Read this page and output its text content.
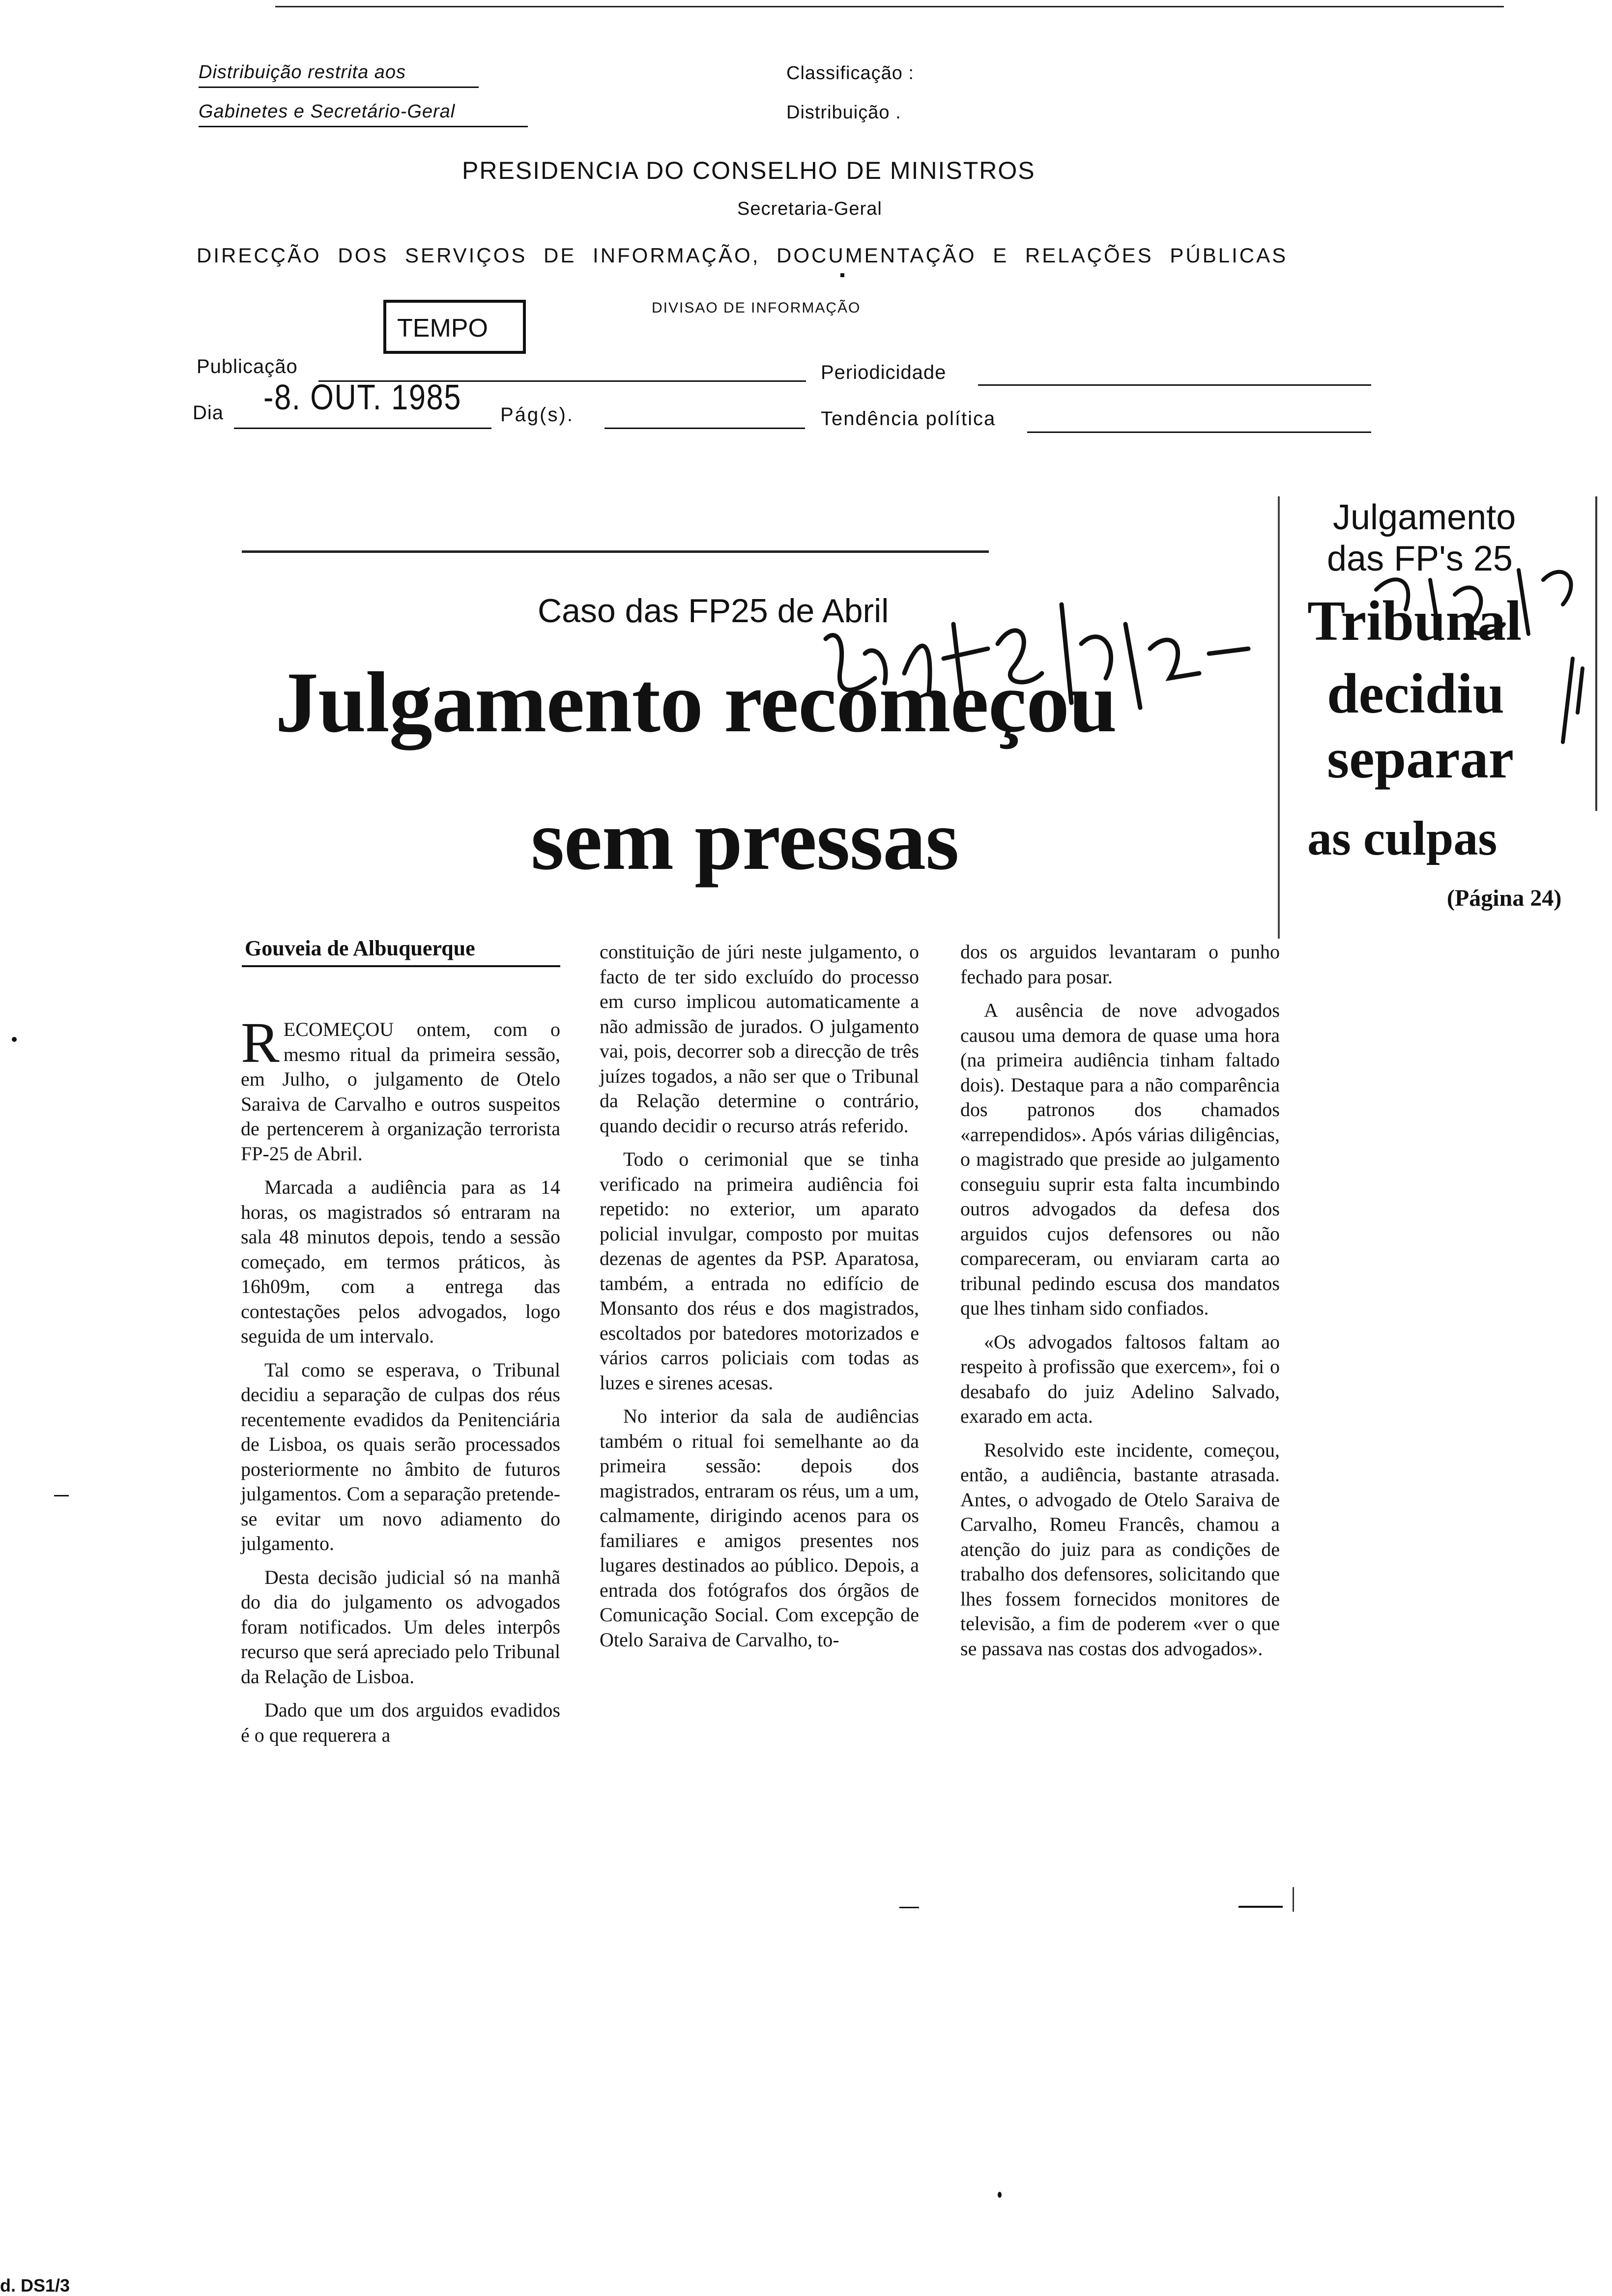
Distribuição restrita aos
Gabinetes e Secretário-Geral
Classificação :
Distribuição .
PRESIDENCIA DO CONSELHO DE MINISTROS
Secretaria-Geral
DIRECÇÃO DOS SERVIÇOS DE INFORMAÇÃO, DOCUMENTAÇÃO E RELAÇÕES PÚBLICAS
DIVISAO DE INFORMAÇÃO
TEMPO
Publicação	Periodicidade
Dia -8. OUT. 1985 Pág(s).	Tendência política
Caso das FP25 de Abril
Julgamento recomeçou
sem pressas
Julgamento
das FP's 25
Tribunal
decidiu
separar
as culpas
(Página 24)
Gouveia de Albuquerque

RECOMEÇOU ontem, com o mesmo ritual da primeira sessão, em Julho, o julgamento de Otelo Saraiva de Carvalho e outros suspeitos de pertencerem à organização terrorista FP-25 de Abril.

Marcada a audiência para as 14 horas, os magistrados só entraram na sala 48 minutos depois, tendo a sessão começado, em termos práticos, às 16h09m, com a entrega das contestações pelos advogados, logo seguida de um intervalo.

Tal como se esperava, o Tribunal decidiu a separação de culpas dos réus recentemente evadidos da Penitenciária de Lisboa, os quais serão processados posteriormente no âmbito de futuros julgamentos. Com a separação pretende-se evitar um novo adiamento do julgamento.

Desta decisão judicial só na manhã do dia do julgamento os advogados foram notificados. Um deles interpôs recurso que será apreciado pelo Tribunal da Relação de Lisboa.

Dado que um dos arguidos evadidos é o que requerera a

constituição de júri neste julgamento, o facto de ter sido excluído do processo em curso implicou automaticamente a não admissão de jurados. O julgamento vai, pois, decorrer sob a direcção de três juízes togados, a não ser que o Tribunal da Relação determine o contrário, quando decidir o recurso atrás referido.

Todo o cerimonial que se tinha verificado na primeira audiência foi repetido: no exterior, um aparato policial invulgar, composto por muitas dezenas de agentes da PSP. Aparatosa, também, a entrada no edifício de Monsanto dos réus e dos magistrados, escoltados por batedores motorizados e vários carros policiais com todas as luzes e sirenes acesas.

No interior da sala de audiências também o ritual foi semelhante ao da primeira sessão: depois dos magistrados, entraram os réus, um a um, calmamente, dirigindo acenos para os familiares e amigos presentes nos lugares destinados ao público. Depois, a entrada dos fotógrafos dos órgãos de Comunicação Social. Com excepção de Otelo Saraiva de Carvalho, to-

dos os arguidos levantaram o punho fechado para posar.

A ausência de nove advogados causou uma demora de quase uma hora (na primeira audiência tinham faltado dois). Destaque para a não comparência dos patronos dos chamados «arrependidos». Após várias diligências, o magistrado que preside ao julgamento conseguiu suprir esta falta incumbindo outros advogados da defesa dos arguidos cujos defensores ou não compareceram, ou enviaram carta ao tribunal pedindo escusa dos mandatos que lhes tinham sido confiados.

«Os advogados faltosos faltam ao respeito à profissão que exercem», foi o desabafo do juiz Adelino Salvado, exarado em acta.

Resolvido este incidente, começou, então, a audiência, bastante atrasada. Antes, o advogado de Otelo Saraiva de Carvalho, Romeu Francês, chamou a atenção do juiz para as condições de trabalho dos defensores, solicitando que lhes fossem fornecidos monitores de televisão, a fim de poderem «ver o que se passava nas costas dos advogados».

d. DS1/3
